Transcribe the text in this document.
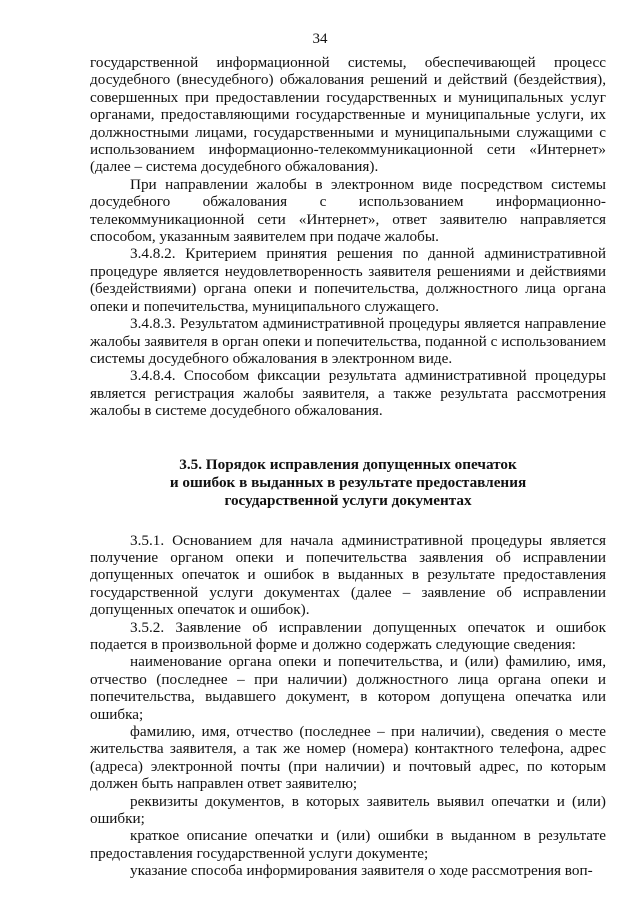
34

государственной информационной системы, обеспечивающей процесс досудебного (внесудебного) обжалования решений и действий (бездействия), совершенных при предоставлении государственных и муниципальных услуг органами, предоставляющими государственные и муниципальные услуги, их должностными лицами, государственными и муниципальными служащими с использованием информационно-телекоммуникационной сети «Интернет» (далее – система досудебного обжалования).

При направлении жалобы в электронном виде посредством системы досудебного обжалования с использованием информационно-телекоммуникационной сети «Интернет», ответ заявителю направляется способом, указанным заявителем при подаче жалобы.

3.4.8.2. Критерием принятия решения по данной административной процедуре является неудовлетворенность заявителя решениями и действиями (бездействиями) органа опеки и попечительства, должностного лица органа опеки и попечительства, муниципального служащего.

3.4.8.3. Результатом административной процедуры является направление жалобы заявителя в орган опеки и попечительства, поданной с использованием системы досудебного обжалования в электронном виде.

3.4.8.4. Способом фиксации результата административной процедуры является регистрация жалобы заявителя, а также результата рассмотрения жалобы в системе досудебного обжалования.

3.5. Порядок исправления допущенных опечаток
и ошибок в выданных в результате предоставления
государственной услуги документах

3.5.1. Основанием для начала административной процедуры является получение органом опеки и попечительства заявления об исправлении допущенных опечаток и ошибок в выданных в результате предоставления государственной услуги документах (далее – заявление об исправлении допущенных опечаток и ошибок).

3.5.2. Заявление об исправлении допущенных опечаток и ошибок подается в произвольной форме и должно содержать следующие сведения:

наименование органа опеки и попечительства, и (или) фамилию, имя, отчество (последнее – при наличии) должностного лица органа опеки и попечительства, выдавшего документ, в котором допущена опечатка или ошибка;

фамилию, имя, отчество (последнее – при наличии), сведения о месте жительства заявителя, а так же номер (номера) контактного телефона, адрес (адреса) электронной почты (при наличии) и почтовый адрес, по которым должен быть направлен ответ заявителю;

реквизиты документов, в которых заявитель выявил опечатки и (или) ошибки;

краткое описание опечатки и (или) ошибки в выданном в результате предоставления государственной услуги документе;

указание способа информирования заявителя о ходе рассмотрения воп-
